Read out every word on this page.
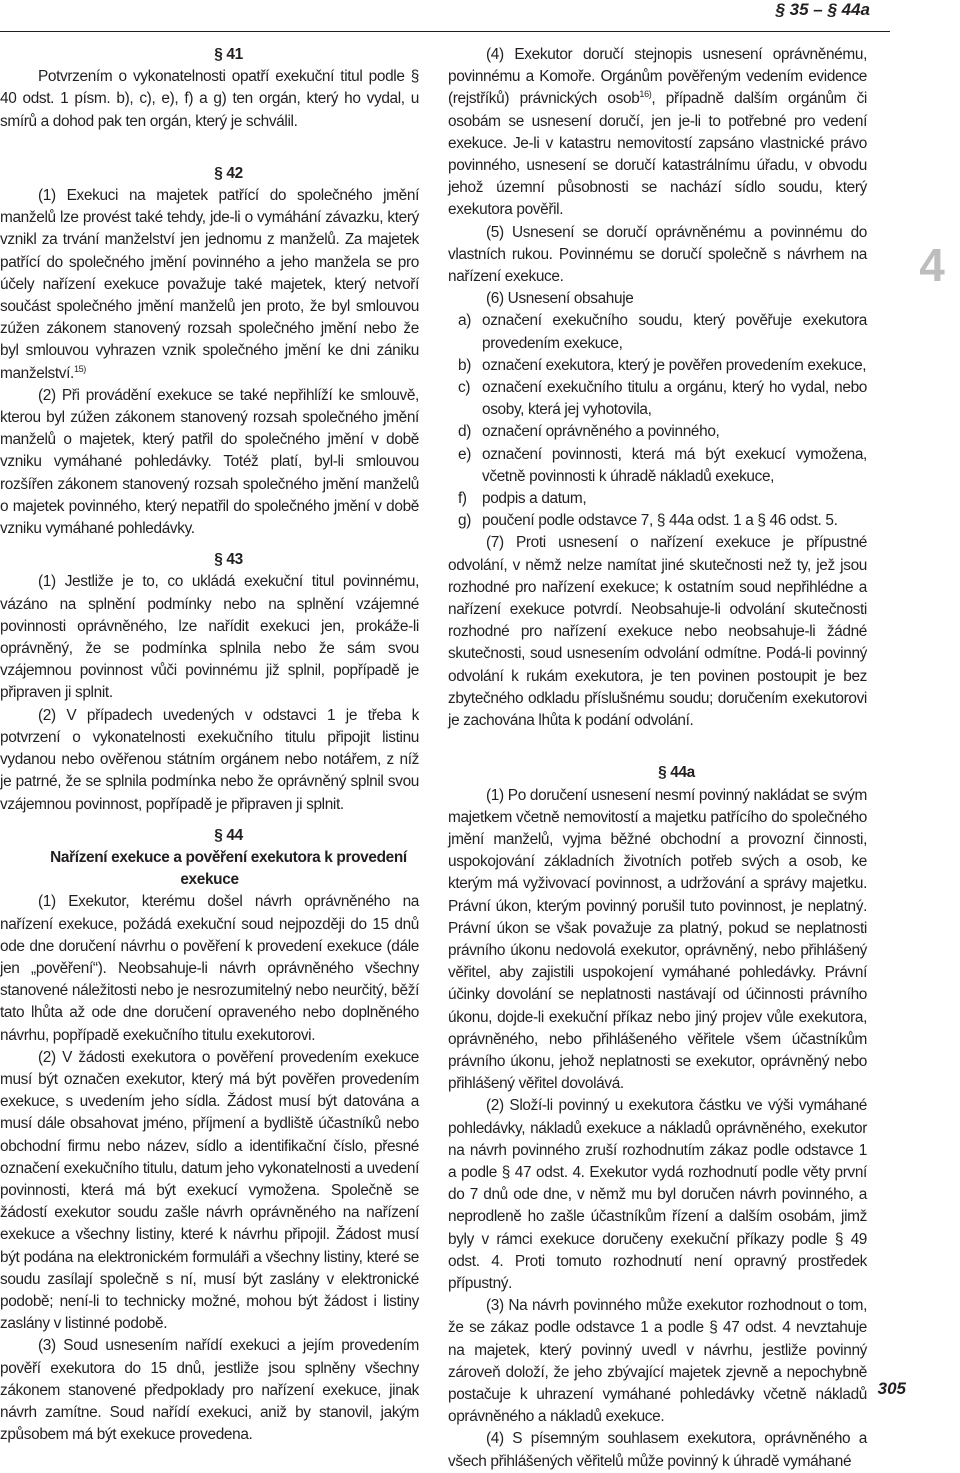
§ 35 – § 44a
4

§ 41

Potvrzením o vykonatelnosti opatří exekuční titul podle § 40 odst. 1 písm. b), c), e), f) a g) ten orgán, který ho vydal, u smírů a dohod pak ten orgán, který je schválil.

§ 42

(1) Exekuci na majetek patřící do společného jmění manželů lze provést také tehdy, jde-li o vymáhání závazku, který vznikl za trvání manželství jen jednomu z manželů. Za majetek patřící do společného jmění povinného a jeho manžela se pro účely nařízení exekuce považuje také majetek, který netvoří součást společného jmění manželů jen proto, že byl smlouvou zúžen zákonem stanovený rozsah společného jmění nebo že byl smlouvou vyhrazen vznik společného jmění ke dni zániku manželství.$^{15)}$

(2) Při provádění exekuce se také nepřihlíží ke smlouvě, kterou byl zúžen zákonem stanovený rozsah společného jmění manželů o majetek, který patřil do společného jmění v době vzniku vymáhané pohledávky. Totéž platí, byl-li smlouvou rozšířen zákonem stanovený rozsah společného jmění manželů o majetek povinného, který nepatřil do společného jmění v době vzniku vymáhané pohledávky.

§ 43

(1) Jestliže je to, co ukládá exekuční titul povinnému, vázáno na splnění podmínky nebo na splnění vzájemné povinnosti oprávněného, lze nařídit exekuci jen, prokáže-li oprávněný, že se podmínka splnila nebo že sám svou vzájemnou povinnost vůči povinnému již splnil, popřípadě je připraven ji splnit.

(2) V případech uvedených v odstavci 1 je třeba k potvrzení o vykonatelnosti exekučního titulu připojit listinu vydanou nebo ověřenou státním orgánem nebo notářem, z níž je patrné, že se splnila podmínka nebo že oprávněný splnil svou vzájemnou povinnost, popřípadě je připraven ji splnit.

§ 44

Nařízení exekuce a pověření exekutora k provedení exekuce

(1) Exekutor, kterému došel návrh oprávněného na nařízení exekuce, požádá exekuční soud nejpozději do 15 dnů ode dne doručení návrhu o pověření k provedení exekuce (dále jen „pověření“). Neobsahuje-li návrh oprávněného všechny stanovené náležitosti nebo je nesrozumitelný nebo neurčitý, běží tato lhůta až ode dne doručení opraveného nebo doplněného návrhu, popřípadě exekučního titulu exekutorovi.

(2) V žádosti exekutora o pověření provedením exekuce musí být označen exekutor, který má být pověřen provedením exekuce, s uvedením jeho sídla. Žádost musí být datována a musí dále obsahovat jméno, příjmení a bydliště účastníků nebo obchodní firmu nebo název, sídlo a identifikační číslo, přesné označení exekučního titulu, datum jeho vykonatelnosti a uvedení povinnosti, která má být exekucí vymožena. Společně se žádostí exekutor soudu zašle návrh oprávněného na nařízení exekuce a všechny listiny, které k návrhu připojil. Žádost musí být podána na elektronickém formuláři a všechny listiny, které se soudu zasílají společně s ní, musí být zaslány v elektronické podobě; není-li to technicky možné, mohou být žádost i listiny zaslány v listinné podobě.

(3) Soud usnesením nařídí exekuci a jejím provedením pověří exekutora do 15 dnů, jestliže jsou splněny všechny zákonem stanovené předpoklady pro nařízení exekuce, jinak návrh zamítne. Soud nařídí exekuci, aniž by stanovil, jakým způsobem má být exekuce provedena.

(4) Exekutor doručí stejnopis usnesení oprávněnému, povinnému a Komoře. Orgánům pověřeným vedením evidence (rejstříků) právnických osob$^{16)}$, případně dalším orgánům či osobám se usnesení doručí, jen je-li to potřebné pro vedení exekuce. Je-li v katastru nemovitostí zapsáno vlastnické právo povinného, usnesení se doručí katastrálnímu úřadu, v obvodu jehož územní působnosti se nachází sídlo soudu, který exekutora pověřil.

(5) Usnesení se doručí oprávněnému a povinnému do vlastních rukou. Povinnému se doručí společně s návrhem na nařízení exekuce.

(6) Usnesení obsahuje

a) označení exekučního soudu, který pověřuje exekutora provedením exekuce,
b) označení exekutora, který je pověřen provedením exekuce,
c) označení exekučního titulu a orgánu, který ho vydal, nebo osoby, která jej vyhotovila,
d) označení oprávněného a povinného,
e) označení povinnosti, která má být exekucí vymožena, včetně povinnosti k úhradě nákladů exekuce,
f) podpis a datum,
g) poučení podle odstavce 7, § 44a odst. 1 a § 46 odst. 5.

(7) Proti usnesení o nařízení exekuce je přípustné odvolání, v němž nelze namítat jiné skutečnosti než ty, jež jsou rozhodné pro nařízení exekuce; k ostatním soud nepřihlédne a nařízení exekuce potvrdí. Neobsahuje-li odvolání skutečnosti rozhodné pro nařízení exekuce nebo neobsahuje-li žádné skutečnosti, soud usnesením odvolání odmítne. Podá-li povinný odvolání k rukám exekutora, je ten povinen postoupit je bez zbytečného odkladu příslušnému soudu; doručením exekutorovi je zachována lhůta k podání odvolání.

§ 44a

(1) Po doručení usnesení nesmí povinný nakládat se svým majetkem včetně nemovitostí a majetku patřícího do společného jmění manželů, vyjma běžné obchodní a provozní činnosti, uspokojování základních životních potřeb svých a osob, ke kterým má vyživovací povinnost, a udržování a správy majetku. Právní úkon, kterým povinný porušil tuto povinnost, je neplatný. Právní úkon se však považuje za platný, pokud se neplatnosti právního úkonu nedovolá exekutor, oprávněný, nebo přihlášený věřitel, aby zajistili uspokojení vymáhané pohledávky. Právní účinky dovolání se neplatnosti nastávají od účinnosti právního úkonu, dojde-li exekuční příkaz nebo jiný projev vůle exekutora, oprávněného, nebo přihlášeného věřitele všem účastníkům právního úkonu, jehož neplatnosti se exekutor, oprávněný nebo přihlášený věřitel dovolává.

(2) Složí-li povinný u exekutora částku ve výši vymáhané pohledávky, nákladů exekuce a nákladů oprávněného, exekutor na návrh povinného zruší rozhodnutím zákaz podle odstavce 1 a podle § 47 odst. 4. Exekutor vydá rozhodnutí podle věty první do 7 dnů ode dne, v němž mu byl doručen návrh povinného, a neprodleně ho zašle účastníkům řízení a dalším osobám, jimž byly v rámci exekuce doručeny exekuční příkazy podle § 49 odst. 4. Proti tomuto rozhodnutí není opravný prostředek přípustný.

(3) Na návrh povinného může exekutor rozhodnout o tom, že se zákaz podle odstavce 1 a podle § 47 odst. 4 nevztahuje na majetek, který povinný uvedl v návrhu, jestliže povinný zároveň doloží, že jeho zbývající majetek zjevně a nepochybně postačuje k uhrazení vymáhané pohledávky včetně nákladů oprávněného a nákladů exekuce.

(4) S písemným souhlasem exekutora, oprávněného a všech přihlášených věřitelů může povinný k úhradě vymáhané

305
